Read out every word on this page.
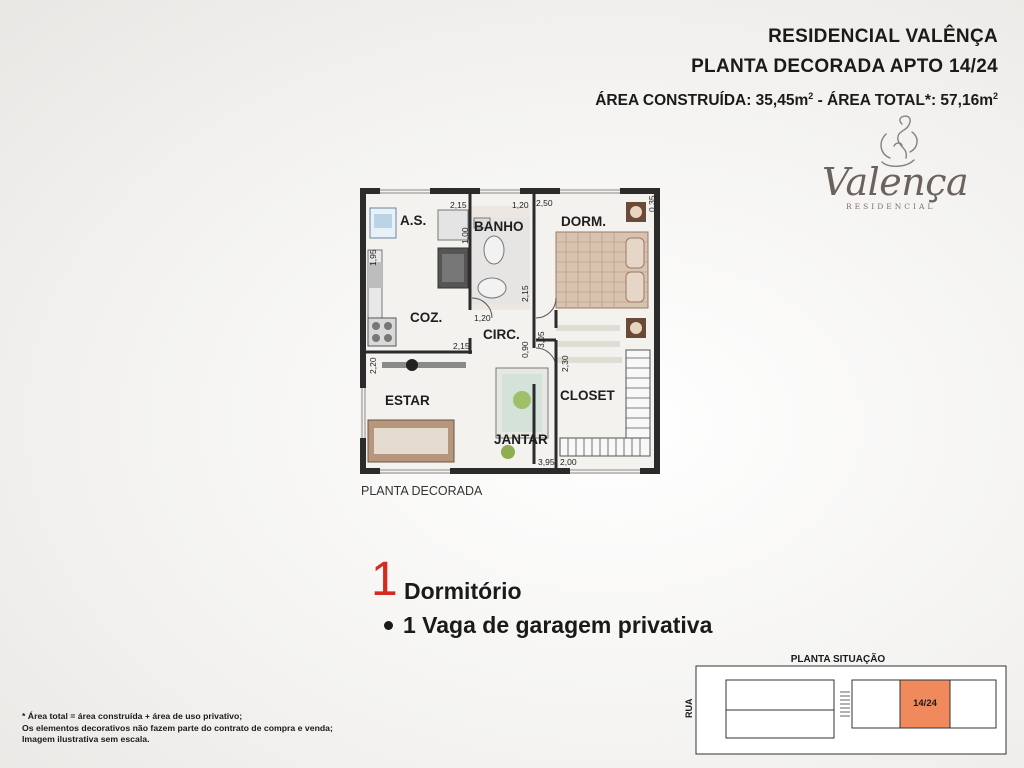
RESIDENCIAL VALÊNÇA
PLANTA DECORADA APTO 14/24
ÁREA CONSTRUÍDA: $35,45m^2$ - ÁREA TOTAL*: $57,16m^2$
Valença
RESIDENCIAL
A.S.	BANHO	DORM.
COZ.
CIRC.
ESTAR	CLOSET
JANTAR
2,15	1,20 2,50	0,35
1,00
1,95
2,15
1,20
2,15	0,90
3,05
2,20	2,30
3,95 2,00
PLANTA DECORADA
1 Dormitório
1 Vaga de garagem privativa
PLANTA SITUAÇÃO
RUA	14/24
* Área total = área construída + área de uso privativo;
Os elementos decorativos não fazem parte do contrato de compra e venda;
Imagem ilustrativa sem escala.
